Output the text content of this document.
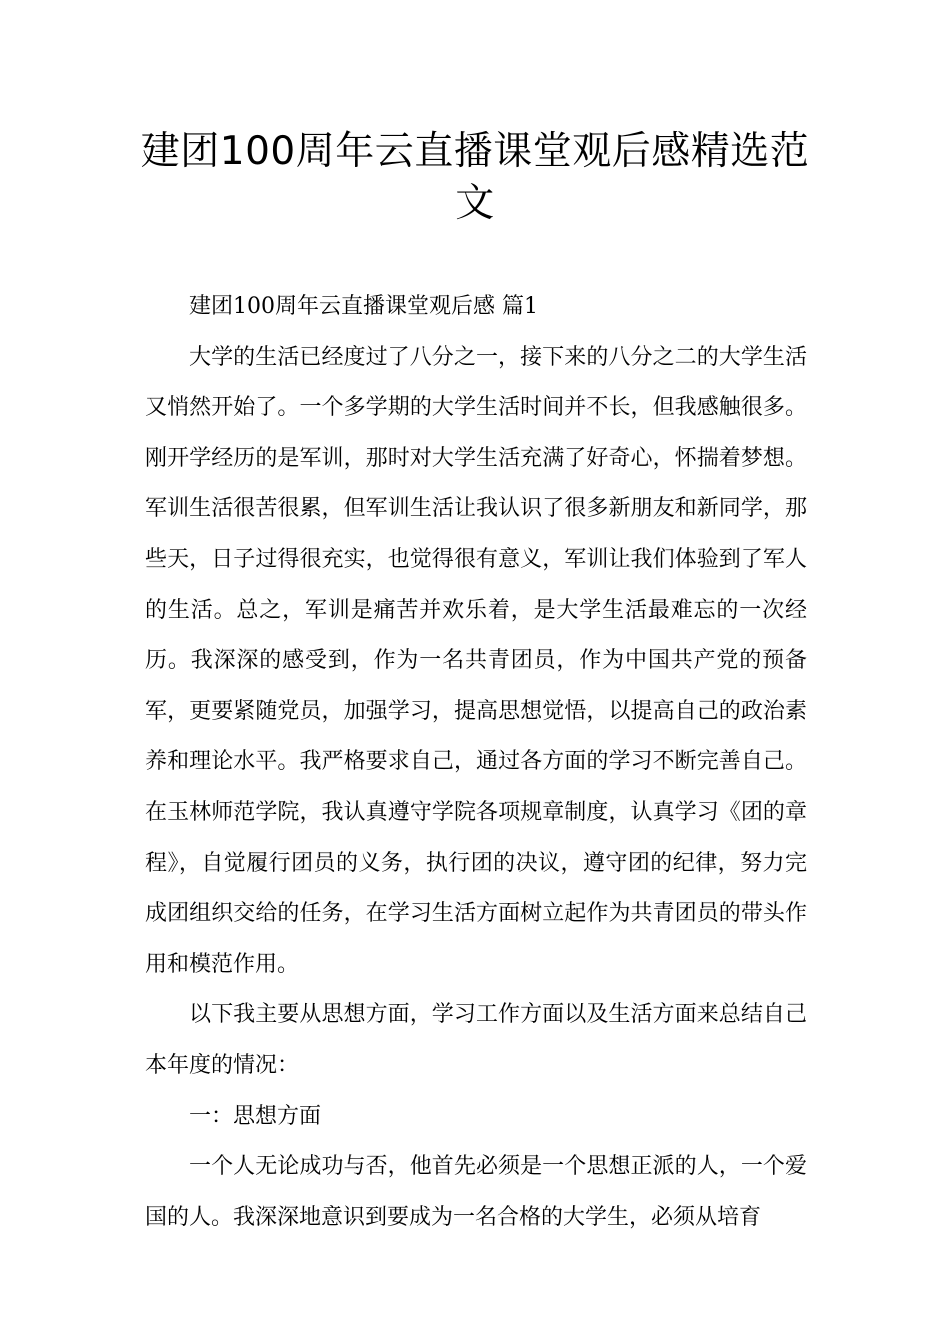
建团100周年云直播课堂观后感精选范文

建团100周年云直播课堂观后感 篇1

大学的生活已经度过了八分之一，接下来的八分之二的大学生活又悄然开始了。一个多学期的大学生活时间并不长，但我感触很多。刚开学经历的是军训，那时对大学生活充满了好奇心，怀揣着梦想。军训生活很苦很累，但军训生活让我认识了很多新朋友和新同学，那些天，日子过得很充实，也觉得很有意义，军训让我们体验到了军人的生活。总之，军训是痛苦并欢乐着，是大学生活最难忘的一次经历。我深深的感受到，作为一名共青团员，作为中国共产党的预备军，更要紧随党员，加强学习，提高思想觉悟，以提高自己的政治素养和理论水平。我严格要求自己，通过各方面的学习不断完善自己。在玉林师范学院，我认真遵守学院各项规章制度，认真学习《团的章程》，自觉履行团员的义务，执行团的决议，遵守团的纪律，努力完成团组织交给的任务，在学习生活方面树立起作为共青团员的带头作用和模范作用。

以下我主要从思想方面，学习工作方面以及生活方面来总结自己本年度的情况：

一：思想方面

一个人无论成功与否，他首先必须是一个思想正派的人，一个爱国的人。我深深地意识到要成为一名合格的大学生，必须从培育
